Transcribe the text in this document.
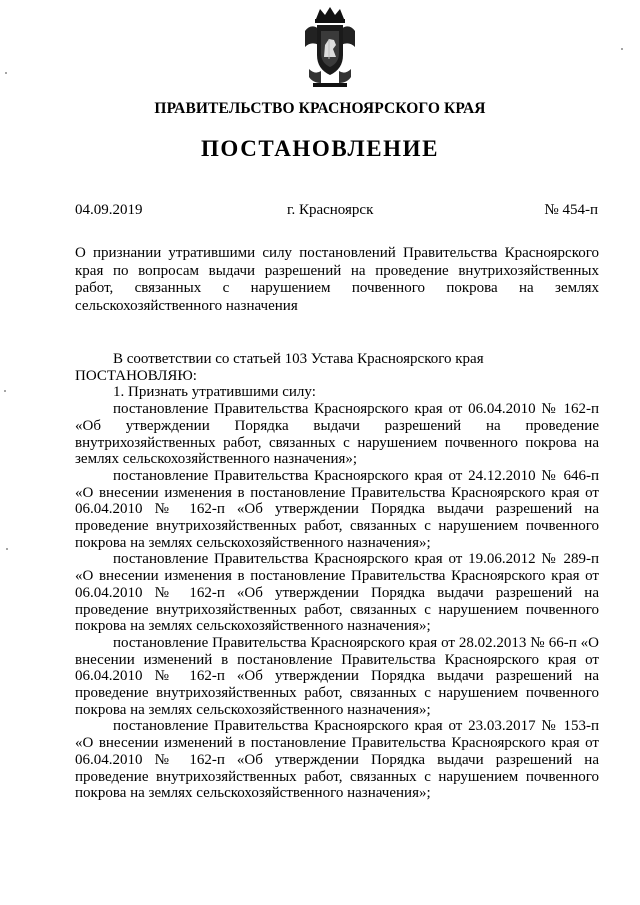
ПРАВИТЕЛЬСТВО КРАСНОЯРСКОГО КРАЯ
ПОСТАНОВЛЕНИЕ
04.09.2019	г. Красноярск	№ 454-п
О признании утратившими силу постановлений Правительства Красноярского края по вопросам выдачи разрешений на проведение внутрихозяйственных работ, связанных с нарушением почвенного покрова на землях сельскохозяйственного назначения

В соответствии со статьей 103 Устава Красноярского края

ПОСТАНОВЛЯЮ:

1. Признать утратившими силу:

постановление Правительства Красноярского края от 06.04.2010 № 162-п «Об утверждении Порядка выдачи разрешений на проведение внутрихозяйственных работ, связанных с нарушением почвенного покрова на землях сельскохозяйственного назначения»;

постановление Правительства Красноярского края от 24.12.2010 № 646-п «О внесении изменения в постановление Правительства Красноярского края от 06.04.2010 № 162-п «Об утверждении Порядка выдачи разрешений на проведение внутрихозяйственных работ, связанных с нарушением почвенного покрова на землях сельскохозяйственного назначения»;

постановление Правительства Красноярского края от 19.06.2012 № 289-п «О внесении изменения в постановление Правительства Красноярского края от 06.04.2010 № 162-п «Об утверждении Порядка выдачи разрешений на проведение внутрихозяйственных работ, связанных с нарушением почвенного покрова на землях сельскохозяйственного назначения»;

постановление Правительства Красноярского края от 28.02.2013 № 66-п «О внесении изменений в постановление Правительства Красноярского края от 06.04.2010 № 162-п «Об утверждении Порядка выдачи разрешений на проведение внутрихозяйственных работ, связанных с нарушением почвенного покрова на землях сельскохозяйственного назначения»;

постановление Правительства Красноярского края от 23.03.2017 № 153-п «О внесении изменений в постановление Правительства Красноярского края от 06.04.2010 № 162-п «Об утверждении Порядка выдачи разрешений на проведение внутрихозяйственных работ, связанных с нарушением почвенного покрова на землях сельскохозяйственного назначения»;
